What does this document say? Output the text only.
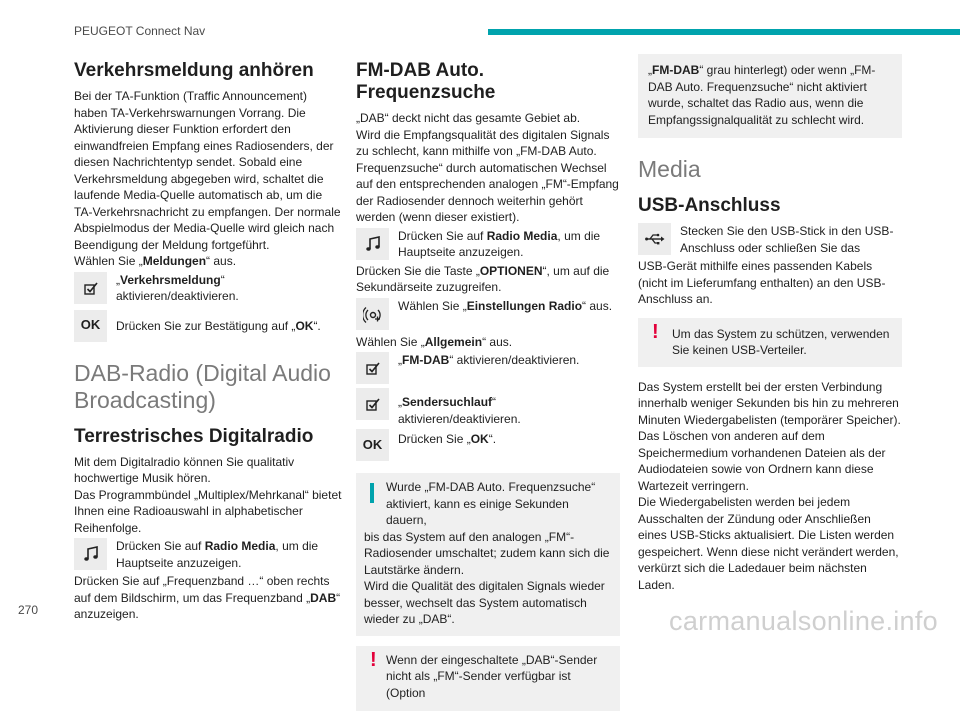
PEUGEOT Connect Nav
Verkehrsmeldung anhören

Bei der TA-Funktion (Traffic Announcement) haben TA-Verkehrswarnungen Vorrang. Die Aktivierung dieser Funktion erfordert den einwandfreien Empfang eines Radiosenders, der diesen Nachrichtentyp sendet. Sobald eine Verkehrsmeldung abgegeben wird, schaltet die laufende Media-Quelle automatisch ab, um die TA-Verkehrsnachricht zu empfangen. Der normale Abspielmodus der Media-Quelle wird gleich nach Beendigung der Meldung fortgeführt.

Wählen Sie „Meldungen“ aus.

„Verkehrsmeldung“ aktivieren/deaktivieren.
OK	Drücken Sie zur Bestätigung auf „OK“.
DAB-Radio (Digital Audio Broadcasting)
Terrestrisches Digitalradio

Mit dem Digitalradio können Sie qualitativ hochwertige Musik hören.
Das Programmbündel „Multiplex/Mehrkanal“ bietet Ihnen eine Radioauswahl in alphabetischer Reihenfolge.

Drücken Sie auf Radio Media, um die Hauptseite anzuzeigen.

Drücken Sie auf „Frequenzband …“ oben rechts auf dem Bildschirm, um das Frequenzband „DAB“ anzuzeigen.

FM-DAB Auto. Frequenzsuche

„DAB“ deckt nicht das gesamte Gebiet ab.
Wird die Empfangsqualität des digitalen Signals zu schlecht, kann mithilfe von „FM-DAB Auto. Frequenzsuche“ durch automatischen Wechsel auf den entsprechenden analogen „FM“-Empfang der Radiosender dennoch weiterhin gehört werden (wenn dieser existiert).

Drücken Sie auf Radio Media, um die Hauptseite anzuzeigen.

Drücken Sie die Taste „OPTIONEN“, um auf die Sekundärseite zuzugreifen.

Wählen Sie „Einstellungen Radio“ aus.

Wählen Sie „Allgemein“ aus.

„FM-DAB“ aktivieren/deaktivieren.
„Sendersuchlauf“ aktivieren/deaktivieren.
OK	Drücken Sie „OK“.
Wurde „FM-DAB Auto. Frequenzsuche“ aktiviert, kann es einige Sekunden dauern,
bis das System auf den analogen „FM“-Radiosender umschaltet; zudem kann sich die Lautstärke ändern.
Wird die Qualität des digitalen Signals wieder besser, wechselt das System automatisch wieder zu „DAB“.
! Wenn der eingeschaltete „DAB“-Sender nicht als „FM“-Sender verfügbar ist (Option
„FM-DAB“ grau hinterlegt) oder wenn „FM-DAB Auto. Frequenzsuche“ nicht aktiviert wurde, schaltet das Radio aus, wenn die Empfangssignalqualität zu schlecht wird.
Media
USB-Anschluss
Stecken Sie den USB-Stick in den USB-Anschluss oder schließen Sie das

USB-Gerät mithilfe eines passenden Kabels (nicht im Lieferumfang enthalten) an den USB-Anschluss an.

!	Um das System zu schützen, verwenden Sie keinen USB-Verteiler.

Das System erstellt bei der ersten Verbindung innerhalb weniger Sekunden bis hin zu mehreren Minuten Wiedergabelisten (temporärer Speicher).
Das Löschen von anderen auf dem Speichermedium vorhandenen Dateien als der Audiodateien sowie von Ordnern kann diese Wartezeit verringern.
Die Wiedergabelisten werden bei jedem Ausschalten der Zündung oder Anschließen eines USB-Sticks aktualisiert. Die Listen werden gespeichert. Wenn diese nicht verändert werden, verkürzt sich die Ladedauer beim nächsten Laden.

270	carmanualsonline.info
